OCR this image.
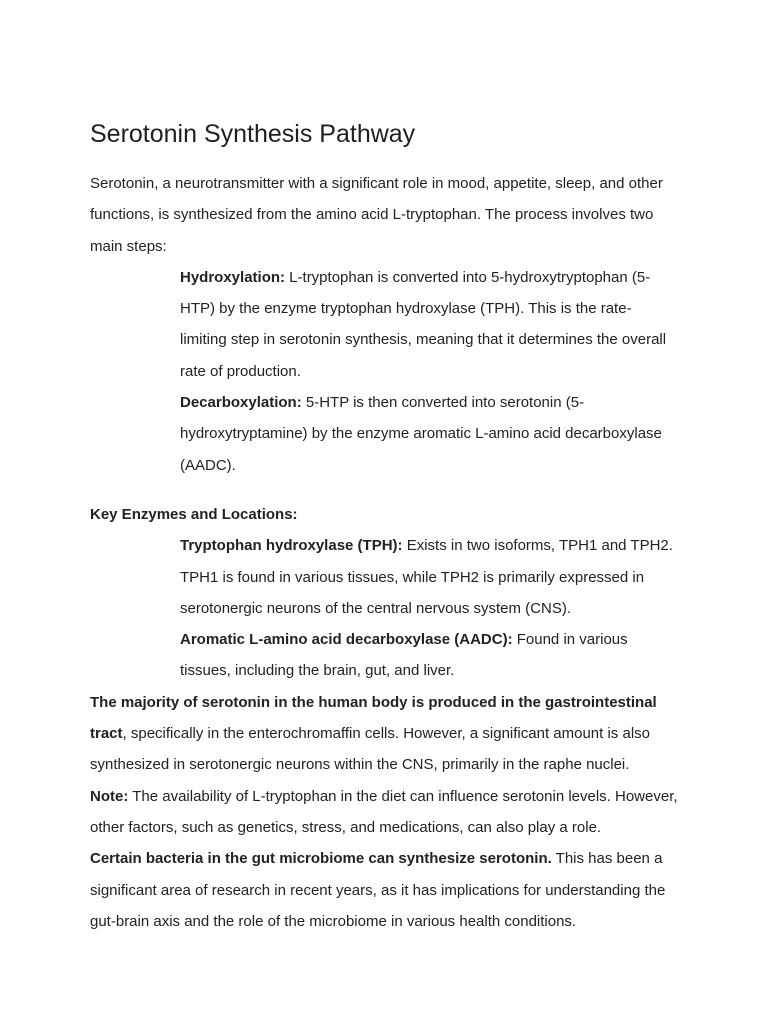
Serotonin Synthesis Pathway

Serotonin, a neurotransmitter with a significant role in mood, appetite, sleep, and other functions, is synthesized from the amino acid L-tryptophan. The process involves two main steps:

Hydroxylation: L-tryptophan is converted into 5-hydroxytryptophan (5-HTP) by the enzyme tryptophan hydroxylase (TPH). This is the rate-limiting step in serotonin synthesis, meaning that it determines the overall rate of production.

Decarboxylation: 5-HTP is then converted into serotonin (5-hydroxytryptamine) by the enzyme aromatic L-amino acid decarboxylase (AADC).

Key Enzymes and Locations:

Tryptophan hydroxylase (TPH): Exists in two isoforms, TPH1 and TPH2. TPH1 is found in various tissues, while TPH2 is primarily expressed in serotonergic neurons of the central nervous system (CNS).

Aromatic L-amino acid decarboxylase (AADC): Found in various tissues, including the brain, gut, and liver.

The majority of serotonin in the human body is produced in the gastrointestinal tract, specifically in the enterochromaffin cells. However, a significant amount is also synthesized in serotonergic neurons within the CNS, primarily in the raphe nuclei.

Note: The availability of L-tryptophan in the diet can influence serotonin levels. However, other factors, such as genetics, stress, and medications, can also play a role.

Certain bacteria in the gut microbiome can synthesize serotonin. This has been a significant area of research in recent years, as it has implications for understanding the gut-brain axis and the role of the microbiome in various health conditions.
